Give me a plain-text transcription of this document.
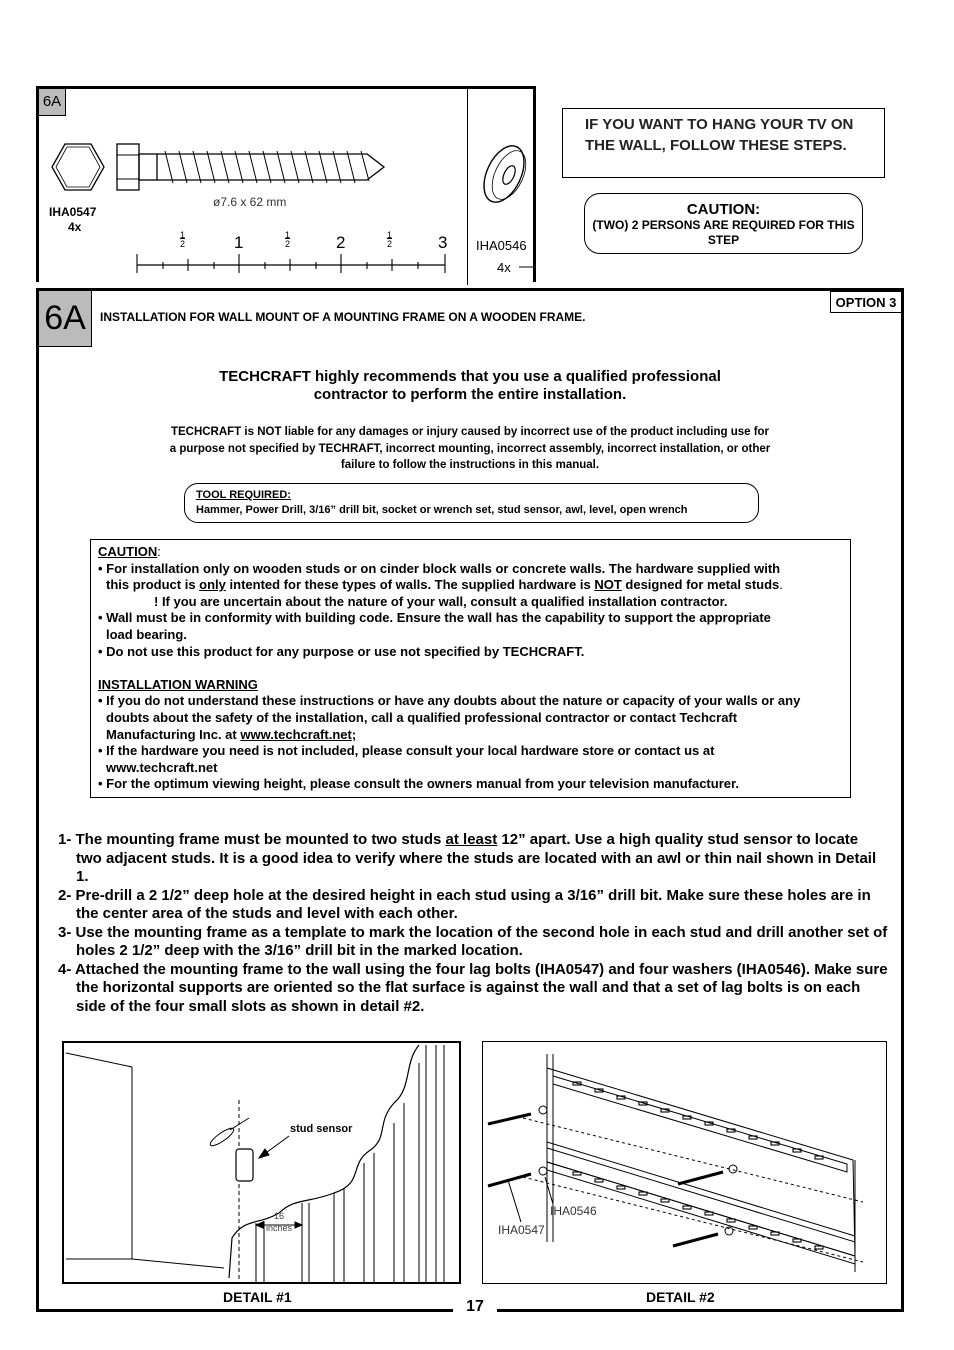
6A
IHA0547
4x
ø7.6 x 62 mm
1
2	1	1
2	2	1
2	3 IHA0546
4x
IF YOU WANT TO HANG YOUR TV ON THE WALL, FOLLOW THESE STEPS.
CAUTION:
(TWO) 2 PERSONS ARE REQUIRED FOR THIS STEP
6A	INSTALLATION FOR WALL MOUNT OF A MOUNTING FRAME ON A WOODEN FRAME.
OPTION 3
TECHCRAFT highly recommends that you use a qualified professional
contractor to perform the entire installation.
TECHCRAFT is NOT liable for any damages or injury caused by incorrect use of the product including use for
a purpose not specified by TECHRAFT, incorrect mounting, incorrect assembly, incorrect installation, or other
failure to follow the instructions in this manual.
TOOL REQUIRED:
Hammer, Power Drill, 3/16” drill bit, socket or wrench set, stud sensor, awl, level, open wrench

CAUTION:

• For installation only on wooden studs or on cinder block walls or concrete walls. The hardware supplied with

this product is only intented for these types of walls. The supplied hardware is NOT designed for metal studs.

! If you are uncertain about the nature of your wall, consult a qualified installation contractor.

• Wall must be in conformity with building code. Ensure the wall has the capability to support the appropriate

load bearing.

• Do not use this product for any purpose or use not specified by TECHCRAFT.

INSTALLATION WARNING

• If you do not understand these instructions or have any doubts about the nature or capacity of your walls or any

doubts about the safety of the installation, call a qualified professional contractor or contact Techcraft

Manufacturing Inc. at www.techcraft.net;

• If the hardware you need is not included, please consult your local hardware store or contact us at

www.techcraft.net

• For the optimum viewing height, please consult the owners manual from your television manufacturer.

1- The mounting frame must be mounted to two studs at least 12” apart. Use a high quality stud sensor to locate two adjacent studs. It is a good idea to verify where the studs are located with an awl or thin nail shown in Detail 1.

2- Pre-drill a 2 1/2” deep hole at the desired height in each stud using a 3/16” drill bit. Make sure these holes are in the center area of the studs and level with each other.

3- Use the mounting frame as a template to mark the location of the second hole in each stud and drill another set of holes 2 1/2” deep with the 3/16” drill bit in the marked location.

4- Attached the mounting frame to the wall using the four lag bolts (IHA0547) and four washers (IHA0546). Make sure the horizontal supports are oriented so the flat surface is against the wall and that a set of lag bolts is on each side of the four small slots as shown in detail #2.

stud sensor
16
inches
DETAIL #1
IHA0546
IHA0547
DETAIL #2
17
